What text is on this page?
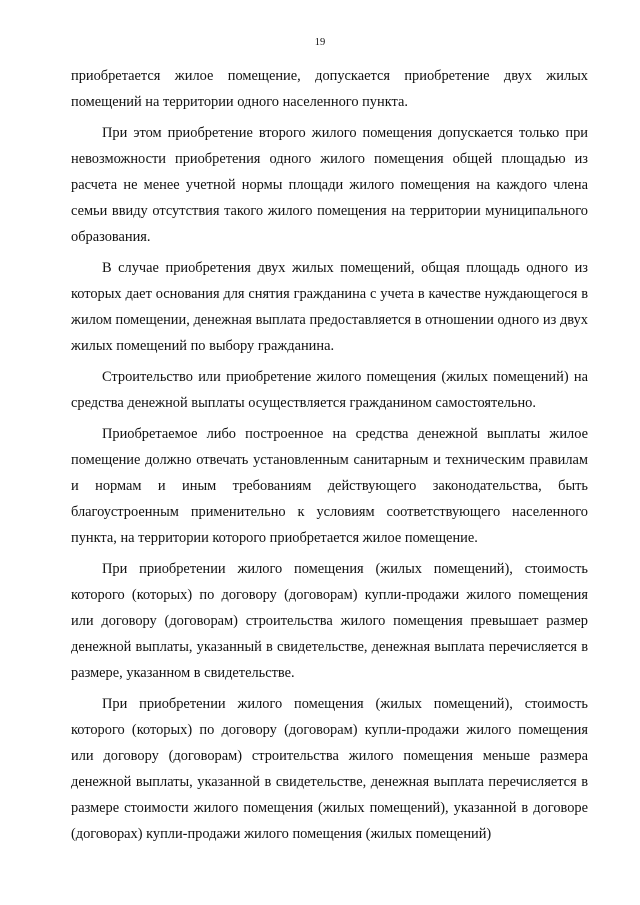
19

приобретается жилое помещение, допускается приобретение двух жилых помещений на территории одного населенного пункта.

При этом приобретение второго жилого помещения допускается только при невозможности приобретения одного жилого помещения общей площадью из расчета не менее учетной нормы площади жилого помещения на каждого члена семьи ввиду отсутствия такого жилого помещения на территории муниципального образования.

В случае приобретения двух жилых помещений, общая площадь одного из которых дает основания для снятия гражданина с учета в качестве нуждающегося в жилом помещении, денежная выплата предоставляется в отношении одного из двух жилых помещений по выбору гражданина.

Строительство или приобретение жилого помещения (жилых помещений) на средства денежной выплаты осуществляется гражданином самостоятельно.

Приобретаемое либо построенное на средства денежной выплаты жилое помещение должно отвечать установленным санитарным и техническим правилам и нормам и иным требованиям действующего законодательства, быть благоустроенным применительно к условиям соответствующего населенного пункта, на территории которого приобретается жилое помещение.

При приобретении жилого помещения (жилых помещений), стоимость которого (которых) по договору (договорам) купли-продажи жилого помещения или договору (договорам) строительства жилого помещения превышает размер денежной выплаты, указанный в свидетельстве, денежная выплата перечисляется в размере, указанном в свидетельстве.

При приобретении жилого помещения (жилых помещений), стоимость которого (которых) по договору (договорам) купли-продажи жилого помещения или договору (договорам) строительства жилого помещения меньше размера денежной выплаты, указанной в свидетельстве, денежная выплата перечисляется в размере стоимости жилого помещения (жилых помещений), указанной в договоре (договорах) купли-продажи жилого помещения (жилых помещений)
